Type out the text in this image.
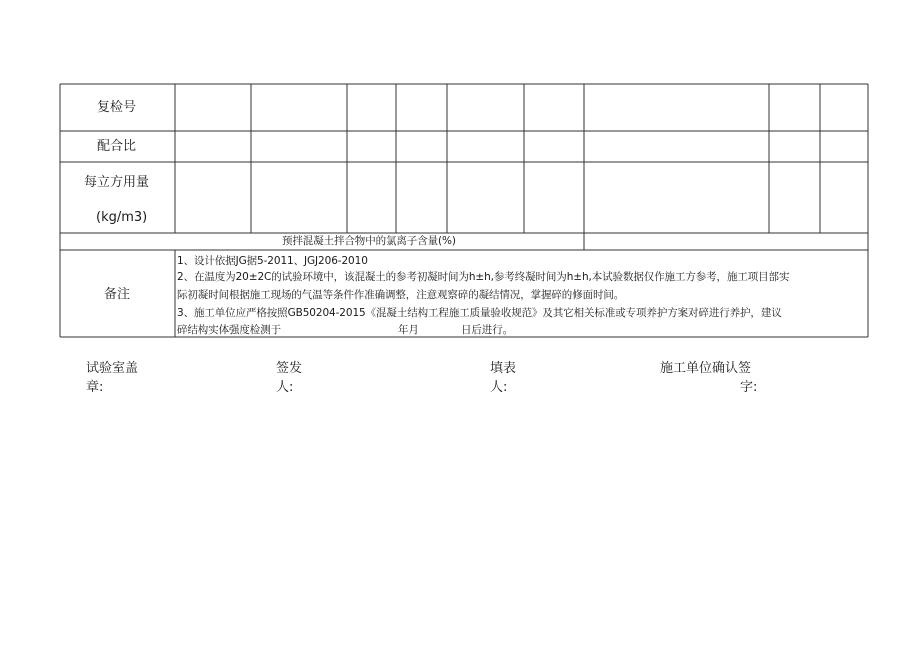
复检号
配合比
每立方用量
(kg/m3)
预拌混凝土拌合物中的氯离子含量(%)
备注
1、设计依据JG据5-2011、JGJ206-2010
2、在温度为20±2C的试验环境中，该混凝土的参考初凝时间为h±h,参考终凝时间为h±h,本试验数据仅作施工方参考，施工项目部实
际初凝时间根据施工现场的气温等条件作准确调整，注意观察碎的凝结情况，掌握碎的修面时间。
3、施工单位应严格按照GB50204-2015《混凝土结构工程施工质量验收规范》及其它相关标准或专项养护方案对碎进行养护，建议
碎结构实体强度检测于	年月	日后进行。
试验室盖
章:
签发
人:
填表
人:
施工单位确认签
字:
